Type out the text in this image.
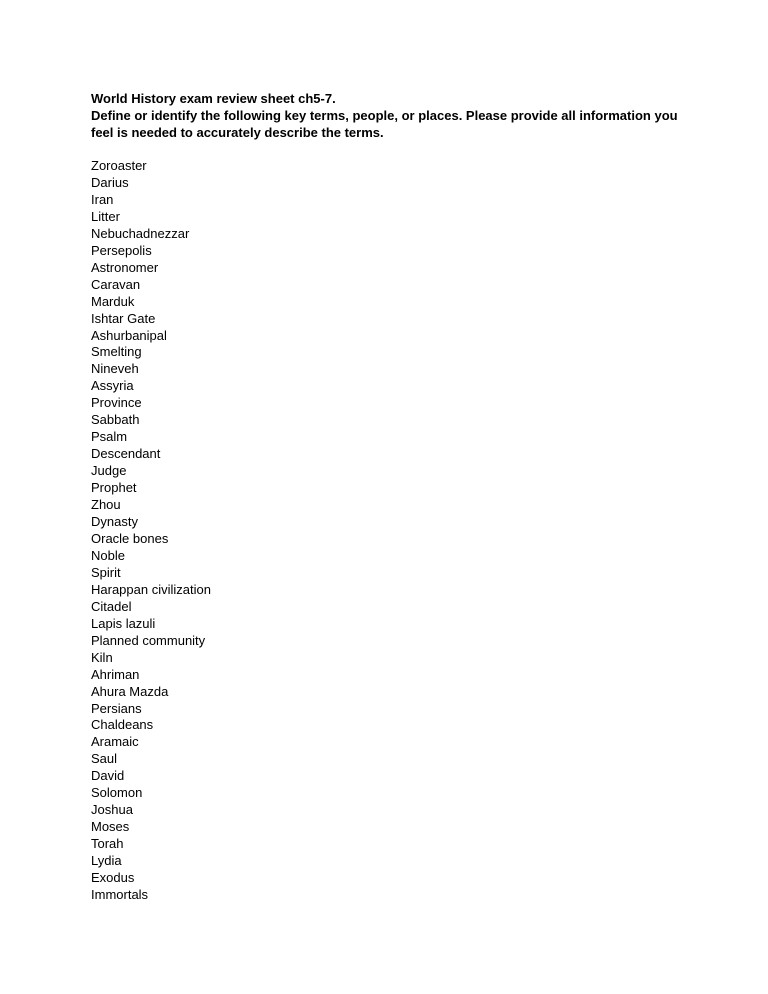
World History exam review sheet ch5-7.

Define or identify the following key terms, people, or places. Please provide all information you feel is needed to accurately describe the terms.

Zoroaster
Darius
Iran
Litter
Nebuchadnezzar
Persepolis
Astronomer
Caravan
Marduk
Ishtar Gate
Ashurbanipal
Smelting
Nineveh
Assyria
Province
Sabbath
Psalm
Descendant
Judge
Prophet
Zhou
Dynasty
Oracle bones
Noble
Spirit
Harappan civilization
Citadel
Lapis lazuli
Planned community
Kiln
Ahriman
Ahura Mazda
Persians
Chaldeans
Aramaic
Saul
David
Solomon
Joshua
Moses
Torah
Lydia
Exodus
Immortals
